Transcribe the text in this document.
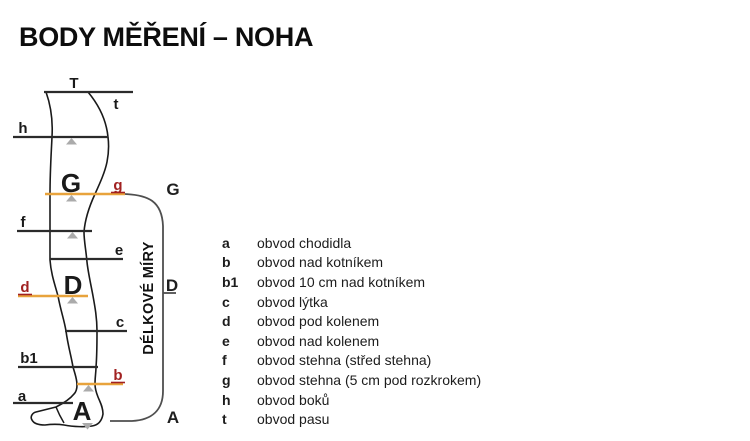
BODY MĚŘENÍ – NOHA
T
t
h
G g
f
e
D
d
c
b1
b
a A
G
D
A
DÉLKOVÉ MÍRY	a	obvod chodidla
b	obvod nad kotníkem
b1	obvod 10 cm nad kotníkem
c	obvod lýtka
d	obvod pod kolenem
e	obvod nad kolenem
f	obvod stehna (střed stehna)
g	obvod stehna (5 cm pod rozkrokem)
h	obvod boků
t	obvod pasu
